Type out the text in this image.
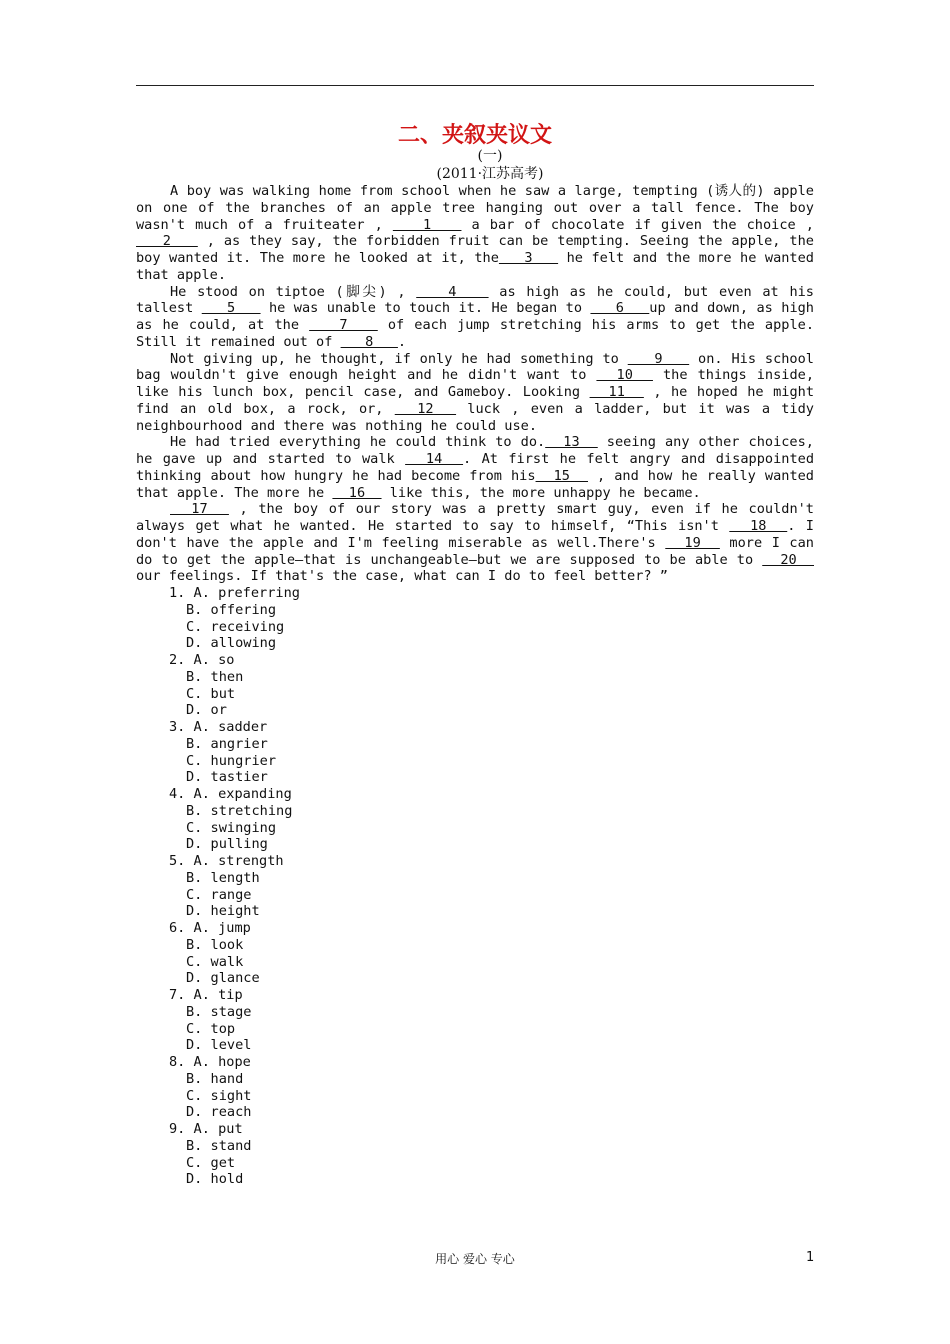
二、夹叙夹议文
(一)
(2011·江苏高考)

A boy was walking home from school when he saw a large, tempting (诱人的) apple on one of the branches of an apple tree hanging out over a tall fence. The boy wasn't much of a fruiteater ,    1    a bar of chocolate if given the choice ,    2    , as they say, the forbidden fruit can be tempting. Seeing the apple, the boy wanted it. The more he looked at it, the   3    he felt and the more he wanted that apple.

He stood on tiptoe (脚尖) ,    4    as high as he could, but even at his tallest    5    he was unable to touch it. He began to    6   up and down, as high as he could, at the    7    of each jump stretching his arms to get the apple. Still it remained out of    8   .

Not giving up, he thought, if only he had something to    9    on. His school bag wouldn't give enough height and he didn't want to   10   the things inside, like his lunch box, pencil case, and Gameboy. Looking   11   , he hoped he might find an old box, a rock, or,   12   luck , even a ladder, but it was a tidy neighbourhood and there was nothing he could use.

He had tried everything he could think to do.  13   seeing any other choices, he gave up and started to walk   14  . At first he felt angry and disappointed thinking about how hungry he had become from his  15   , and how he really wanted that apple. The more he   16   like this, the more unhappy he became.

17   , the boy of our story was a pretty smart guy, even if he couldn't always get what he wanted. He started to say to himself, “This isn't   18  . I don't have the apple and I'm feeling miserable as well.There's   19   more I can do to get the apple—that is unchangeable—but we are supposed to be able to   20   our feelings. If that's the case, what can I do to feel better? ”

1. A. preferring
B. offering
C. receiving
D. allowing
2. A. so
B. then
C. but
D. or
3. A. sadder
B. angrier
C. hungrier
D. tastier
4. A. expanding
B. stretching
C. swinging
D. pulling
5. A. strength
B. length
C. range
D. height
6. A. jump
B. look
C. walk
D. glance
7. A. tip
B. stage
C. top
D. level
8. A. hope
B. hand
C. sight
D. reach
9. A. put
B. stand
C. get
D. hold
用心 爱心 专心	1
